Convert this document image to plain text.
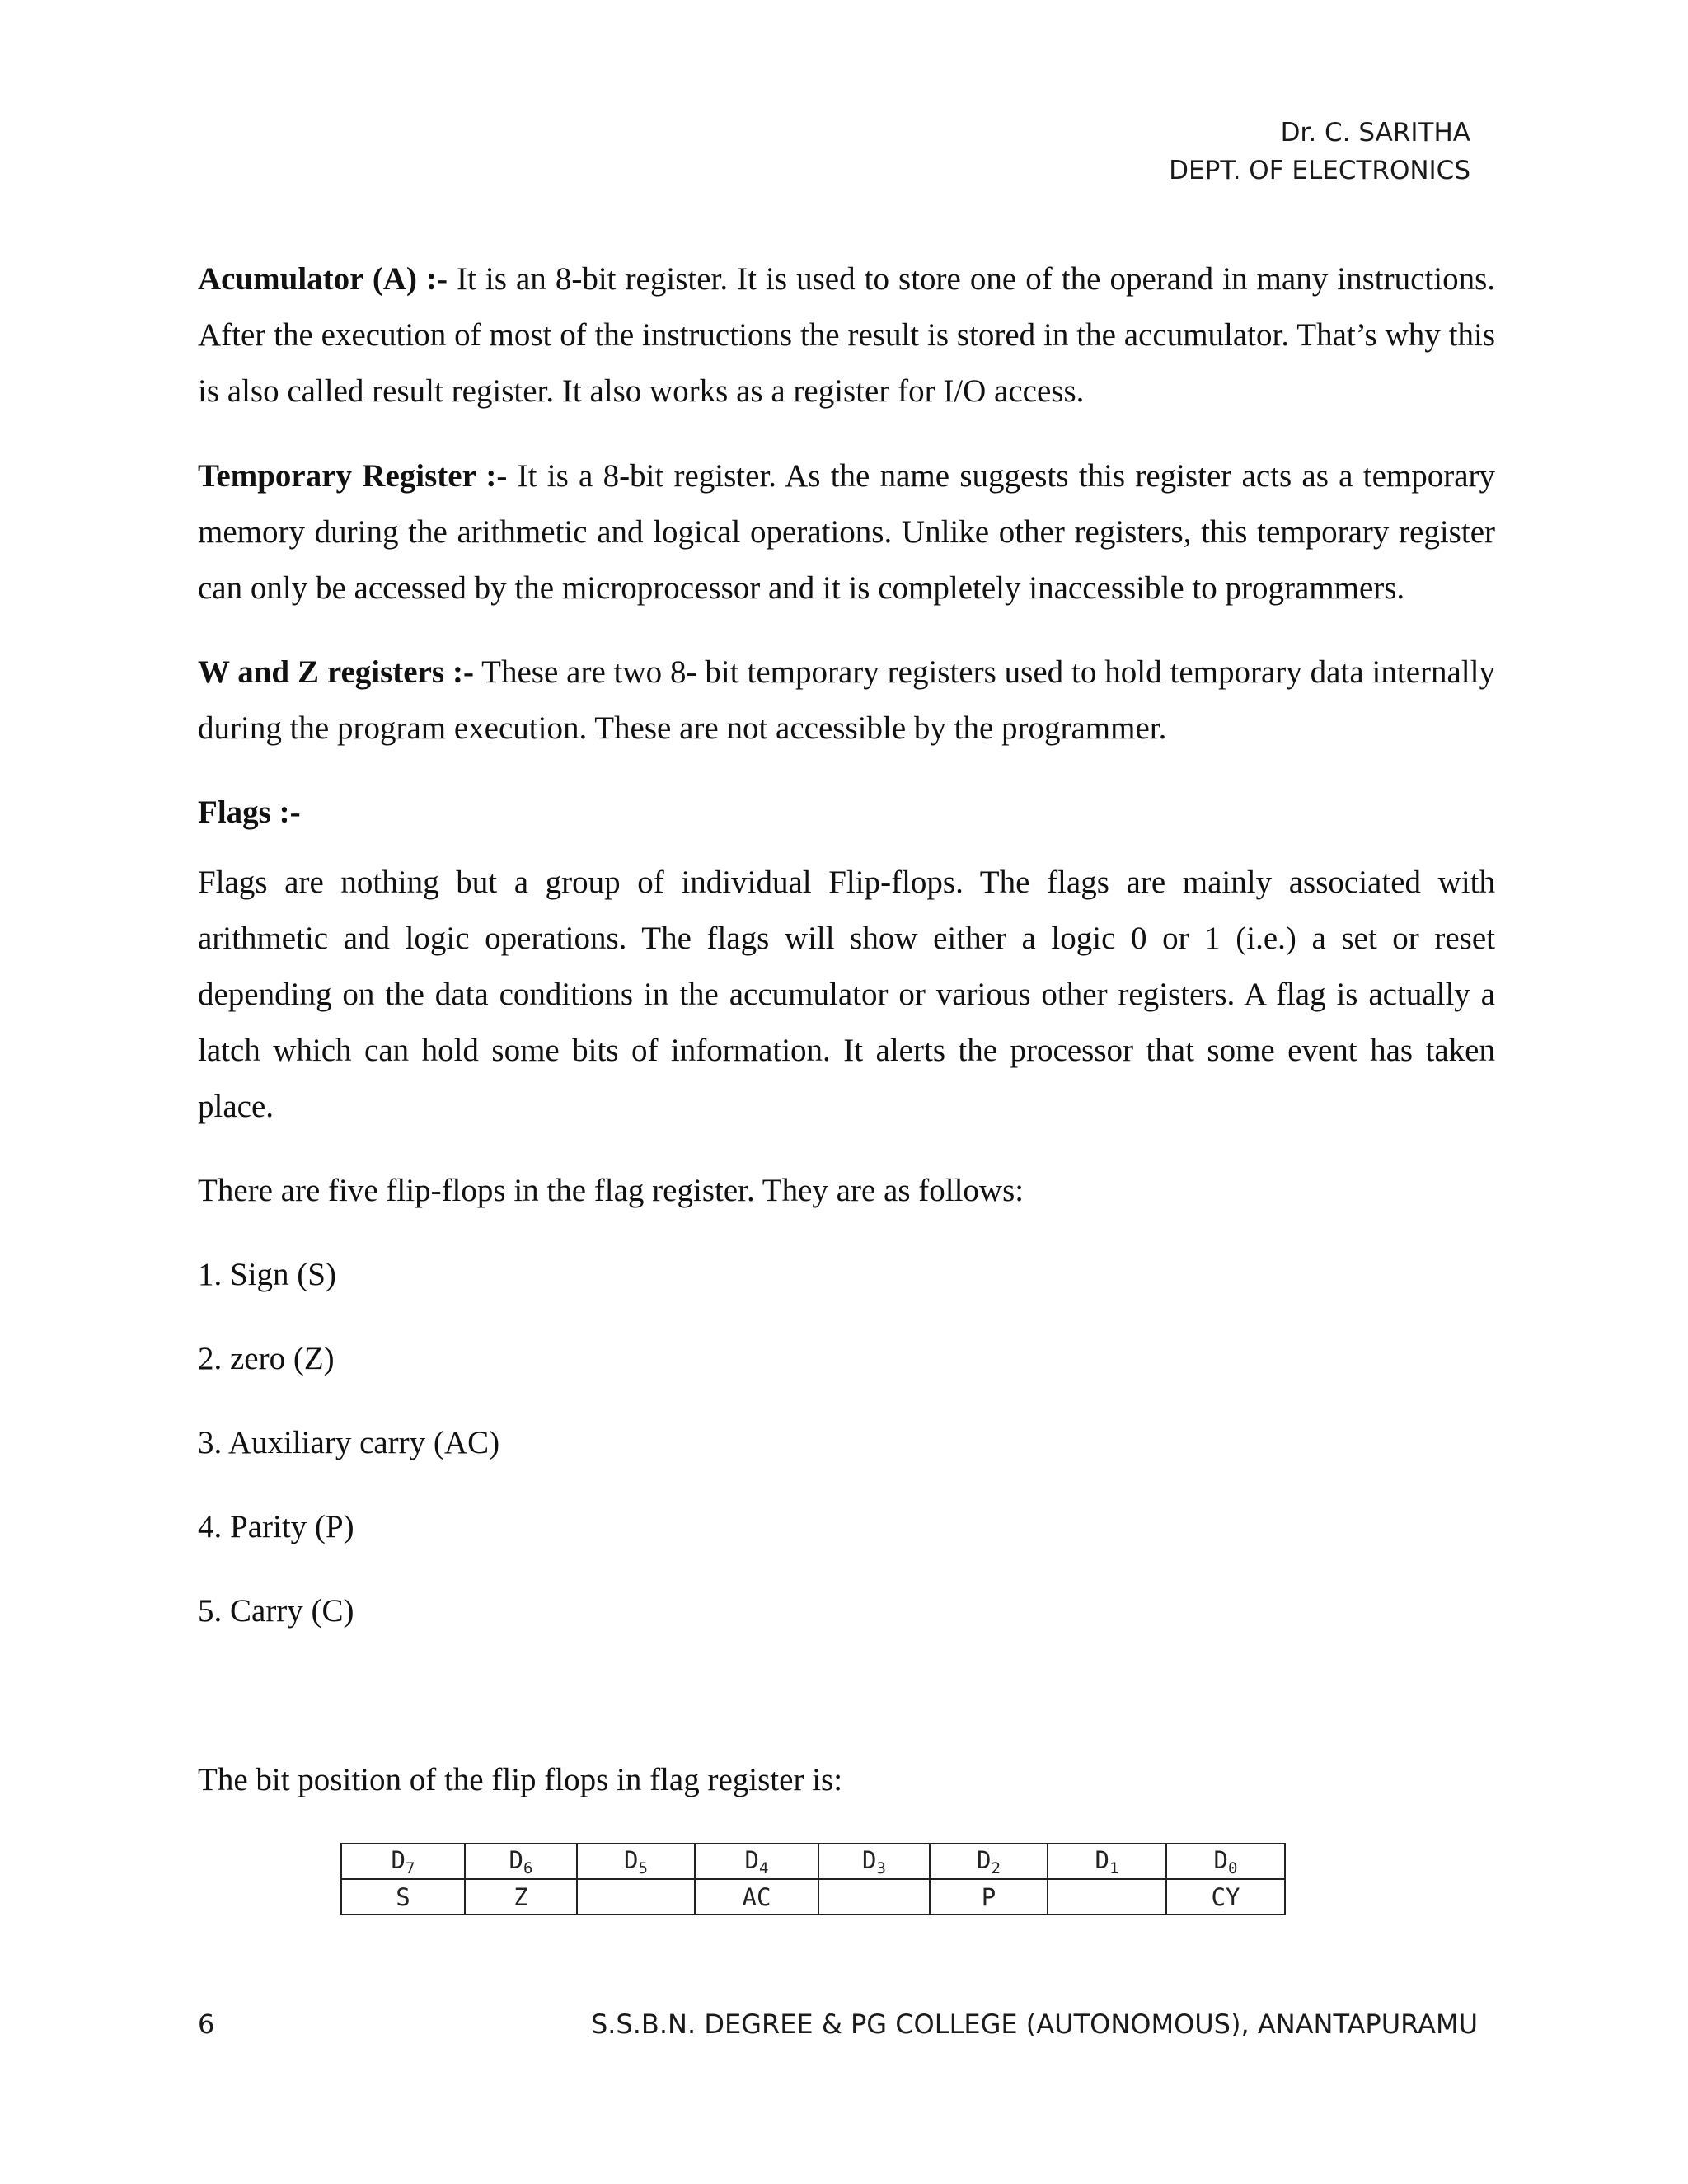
Dr. C. SARITHA
DEPT. OF ELECTRONICS
Acumulator (A) :- It is an 8-bit register. It is used to store one of the operand in many instructions. After the execution of most of the instructions the result is stored in the accumulator. That’s why this is also called result register. It also works as a register for I/O access.
Temporary Register :- It is a 8-bit register. As the name suggests this register acts as a temporary memory during the arithmetic and logical operations. Unlike other registers, this temporary register can only be accessed by the microprocessor and it is completely inaccessible to programmers.
W and Z registers :- These are two 8- bit temporary registers used to hold temporary data internally during the program execution. These are not accessible by the programmer.
Flags :-
Flags are nothing but a group of individual Flip-flops. The flags are mainly associated with arithmetic and logic operations. The flags will show either a logic 0 or 1 (i.e.) a set or reset depending on the data conditions in the accumulator or various other registers. A flag is actually a latch which can hold some bits of information. It alerts the processor that some event has taken place.
There are five flip-flops in the flag register. They are as follows:
1. Sign (S)
2. zero (Z)
3. Auxiliary carry (AC)
4. Parity (P)
5. Carry (C)
The bit position of the flip flops in flag register is:
$D_7$	$D_6$	$D_5$	$D_4$	$D_3$	$D_2$	$D_1$	$D_0$
S	Z		AC		P		CY
6	S.S.B.N. DEGREE & PG COLLEGE (AUTONOMOUS), ANANTAPURAMU
